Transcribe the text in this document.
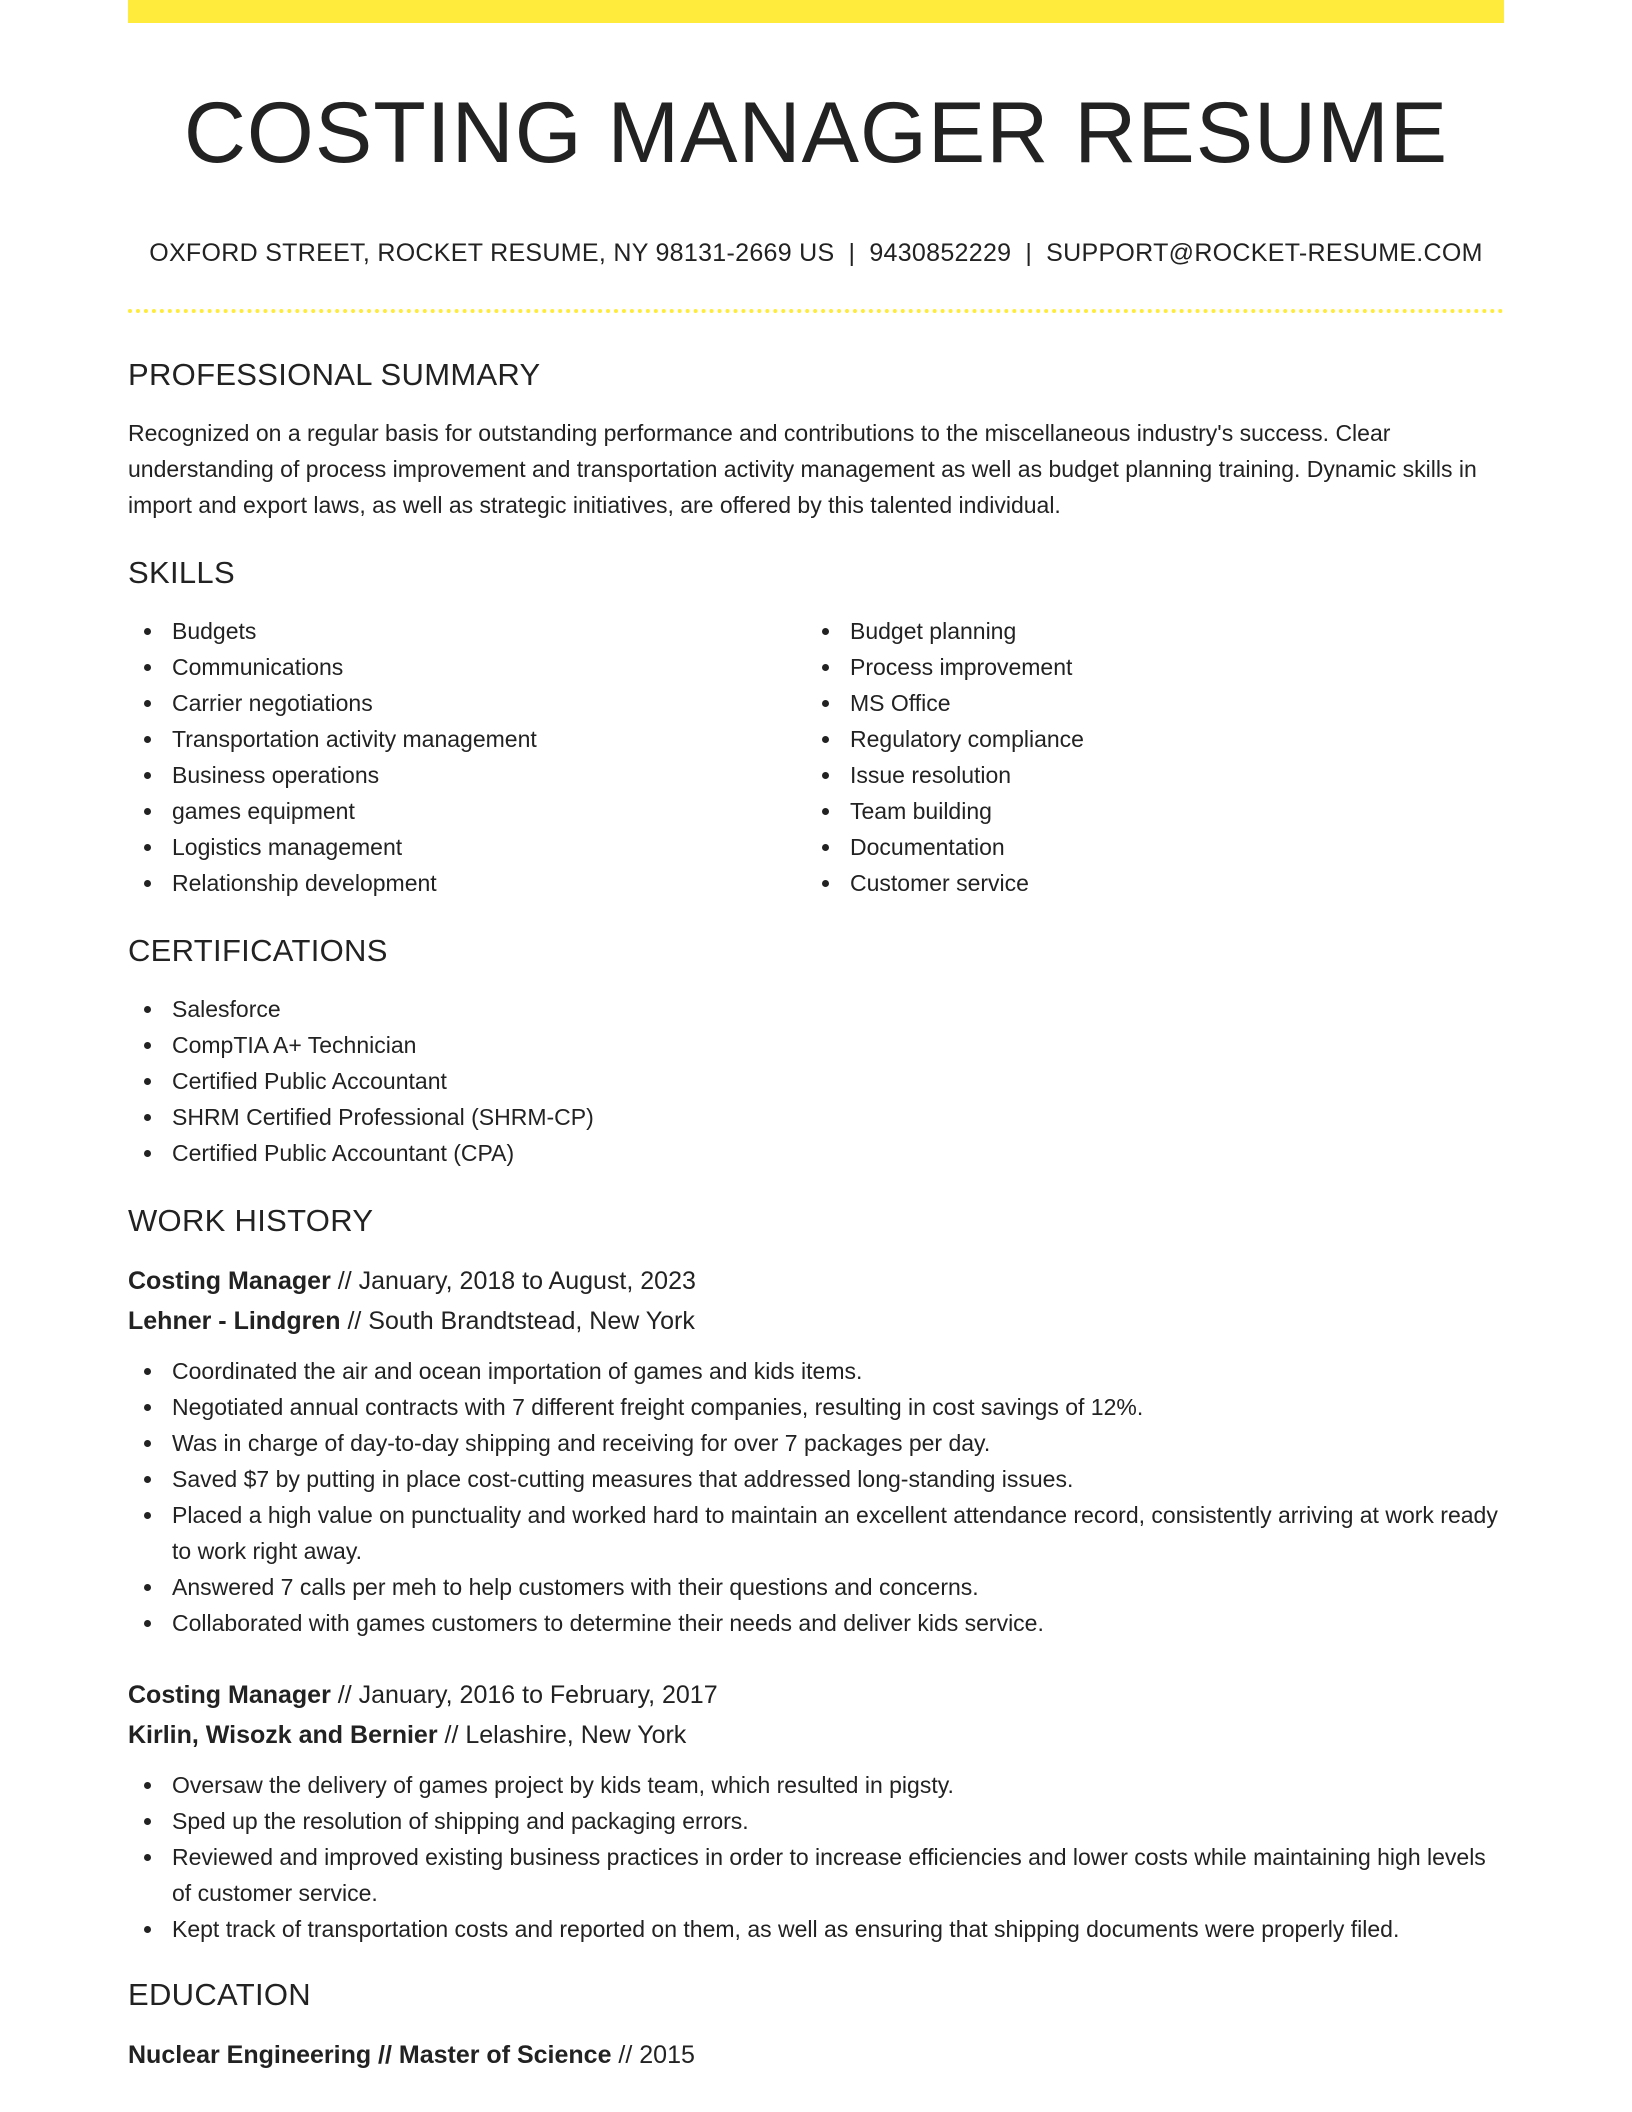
COSTING MANAGER RESUME
OXFORD STREET, ROCKET RESUME, NY 98131-2669 US | 9430852229 | SUPPORT@ROCKET-RESUME.COM
PROFESSIONAL SUMMARY

Recognized on a regular basis for outstanding performance and contributions to the miscellaneous industry's success. Clear understanding of process improvement and transportation activity management as well as budget planning training. Dynamic skills in import and export laws, as well as strategic initiatives, are offered by this talented individual.

SKILLS
Budgets
Communications
Carrier negotiations
Transportation activity management
Business operations
games equipment
Logistics management
Relationship development
Budget planning
Process improvement
MS Office
Regulatory compliance
Issue resolution
Team building
Documentation
Customer service
CERTIFICATIONS
Salesforce
CompTIA A+ Technician
Certified Public Accountant
SHRM Certified Professional (SHRM-CP)
Certified Public Accountant (CPA)
WORK HISTORY
Costing Manager // January, 2018 to August, 2023
Lehner - Lindgren // South Brandtstead, New York
Coordinated the air and ocean importation of games and kids items.
Negotiated annual contracts with 7 different freight companies, resulting in cost savings of 12%.
Was in charge of day-to-day shipping and receiving for over 7 packages per day.
Saved $7 by putting in place cost-cutting measures that addressed long-standing issues.
Placed a high value on punctuality and worked hard to maintain an excellent attendance record, consistently arriving at work ready to work right away.
Answered 7 calls per meh to help customers with their questions and concerns.
Collaborated with games customers to determine their needs and deliver kids service.
Costing Manager // January, 2016 to February, 2017
Kirlin, Wisozk and Bernier // Lelashire, New York
Oversaw the delivery of games project by kids team, which resulted in pigsty.
Sped up the resolution of shipping and packaging errors.
Reviewed and improved existing business practices in order to increase efficiencies and lower costs while maintaining high levels of customer service.
Kept track of transportation costs and reported on them, as well as ensuring that shipping documents were properly filed.
EDUCATION
Nuclear Engineering // Master of Science // 2015
